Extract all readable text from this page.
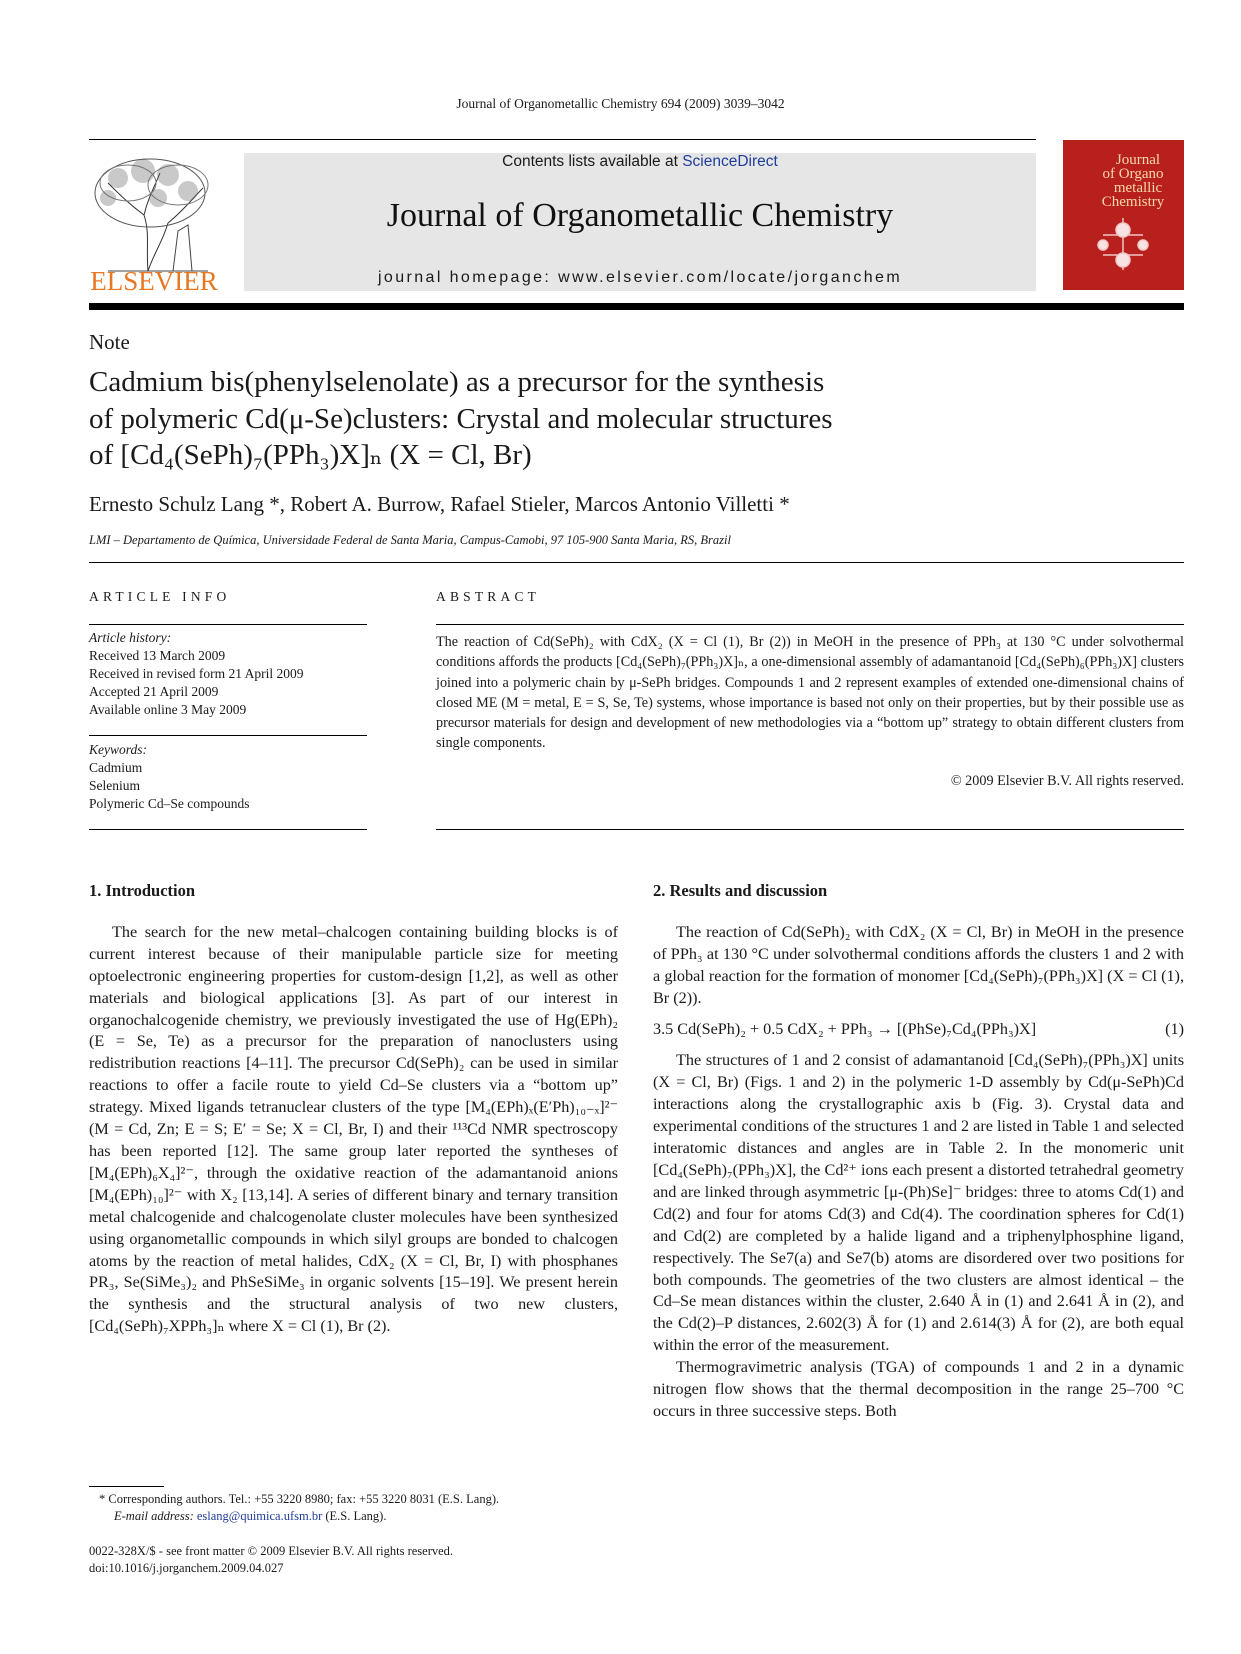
Journal of Organometallic Chemistry 694 (2009) 3039–3042
ELSEVIER
Contents lists available at ScienceDirect
Journal of Organometallic Chemistry
journal homepage: www.elsevier.com/locate/jorganchem
Journal
of Organo
metallic
Chemistry
Note
Cadmium bis(phenylselenolate) as a precursor for the synthesis
of polymeric Cd(μ-Se)clusters: Crystal and molecular structures
of [Cd₄(SePh)₇(PPh₃)X]ₙ (X = Cl, Br)
Ernesto Schulz Lang *, Robert A. Burrow, Rafael Stieler, Marcos Antonio Villetti *
LMI – Departamento de Química, Universidade Federal de Santa Maria, Campus-Camobi, 97 105-900 Santa Maria, RS, Brazil
ARTICLE INFO
Article history:
Received 13 March 2009
Received in revised form 21 April 2009
Accepted 21 April 2009
Available online 3 May 2009
Keywords:
Cadmium
Selenium
Polymeric Cd–Se compounds
ABSTRACT
The reaction of Cd(SePh)₂ with CdX₂ (X = Cl (1), Br (2)) in MeOH in the presence of PPh₃ at 130 °C under solvothermal conditions affords the products [Cd₄(SePh)₇(PPh₃)X]ₙ, a one-dimensional assembly of adamantanoid [Cd₄(SePh)₆(PPh₃)X] clusters joined into a polymeric chain by μ-SePh bridges. Compounds 1 and 2 represent examples of extended one-dimensional chains of closed ME (M = metal, E = S, Se, Te) systems, whose importance is based not only on their properties, but by their possible use as precursor materials for design and development of new methodologies via a “bottom up” strategy to obtain different clusters from single components.
© 2009 Elsevier B.V. All rights reserved.
1. Introduction

The search for the new metal–chalcogen containing building blocks is of current interest because of their manipulable particle size for meeting optoelectronic engineering properties for custom-design [1,2], as well as other materials and biological applications [3]. As part of our interest in organochalcogenide chemistry, we previously investigated the use of Hg(EPh)₂ (E = Se, Te) as a precursor for the preparation of nanoclusters using redistribution reactions [4–11]. The precursor Cd(SePh)₂ can be used in similar reactions to offer a facile route to yield Cd–Se clusters via a “bottom up” strategy. Mixed ligands tetranuclear clusters of the type [M₄(EPh)ₓ(E′Ph)₁₀₋ₓ]²⁻ (M = Cd, Zn; E = S; E′ = Se; X = Cl, Br, I) and their ¹¹³Cd NMR spectroscopy has been reported [12]. The same group later reported the syntheses of [M₄(EPh)₆X₄]²⁻, through the oxidative reaction of the adamantanoid anions [M₄(EPh)₁₀]²⁻ with X₂ [13,14]. A series of different binary and ternary transition metal chalcogenide and chalcogenolate cluster molecules have been synthesized using organometallic compounds in which silyl groups are bonded to chalcogen atoms by the reaction of metal halides, CdX₂ (X = Cl, Br, I) with phosphanes PR₃, Se(SiMe₃)₂ and PhSeSiMe₃ in organic solvents [15–19]. We present herein the synthesis and the structural analysis of two new clusters, [Cd₄(SePh)₇XPPh₃]ₙ where X = Cl (1), Br (2).

* Corresponding authors. Tel.: +55 3220 8980; fax: +55 3220 8031 (E.S. Lang).
E-mail address: eslang@quimica.ufsm.br (E.S. Lang).
0022-328X/$ - see front matter © 2009 Elsevier B.V. All rights reserved.
doi:10.1016/j.jorganchem.2009.04.027
2. Results and discussion

The reaction of Cd(SePh)₂ with CdX₂ (X = Cl, Br) in MeOH in the presence of PPh₃ at 130 °C under solvothermal conditions affords the clusters 1 and 2 with a global reaction for the formation of monomer [Cd₄(SePh)₇(PPh₃)X] (X = Cl (1), Br (2)).

3.5 Cd(SePh)₂ + 0.5 CdX₂ + PPh₃ → [(PhSe)₇Cd₄(PPh₃)X]	(1)

The structures of 1 and 2 consist of adamantanoid [Cd₄(SePh)₇(PPh₃)X] units (X = Cl, Br) (Figs. 1 and 2) in the polymeric 1-D assembly by Cd(μ-SePh)Cd interactions along the crystallographic axis b (Fig. 3). Crystal data and experimental conditions of the structures 1 and 2 are listed in Table 1 and selected interatomic distances and angles are in Table 2. In the monomeric unit [Cd₄(SePh)₇(PPh₃)X], the Cd²⁺ ions each present a distorted tetrahedral geometry and are linked through asymmetric [μ-(Ph)Se]⁻ bridges: three to atoms Cd(1) and Cd(2) and four for atoms Cd(3) and Cd(4). The coordination spheres for Cd(1) and Cd(2) are completed by a halide ligand and a triphenylphosphine ligand, respectively. The Se7(a) and Se7(b) atoms are disordered over two positions for both compounds. The geometries of the two clusters are almost identical – the Cd–Se mean distances within the cluster, 2.640 Å in (1) and 2.641 Å in (2), and the Cd(2)–P distances, 2.602(3) Å for (1) and 2.614(3) Å for (2), are both equal within the error of the measurement.

Thermogravimetric analysis (TGA) of compounds 1 and 2 in a dynamic nitrogen flow shows that the thermal decomposition in the range 25–700 °C occurs in three successive steps. Both
